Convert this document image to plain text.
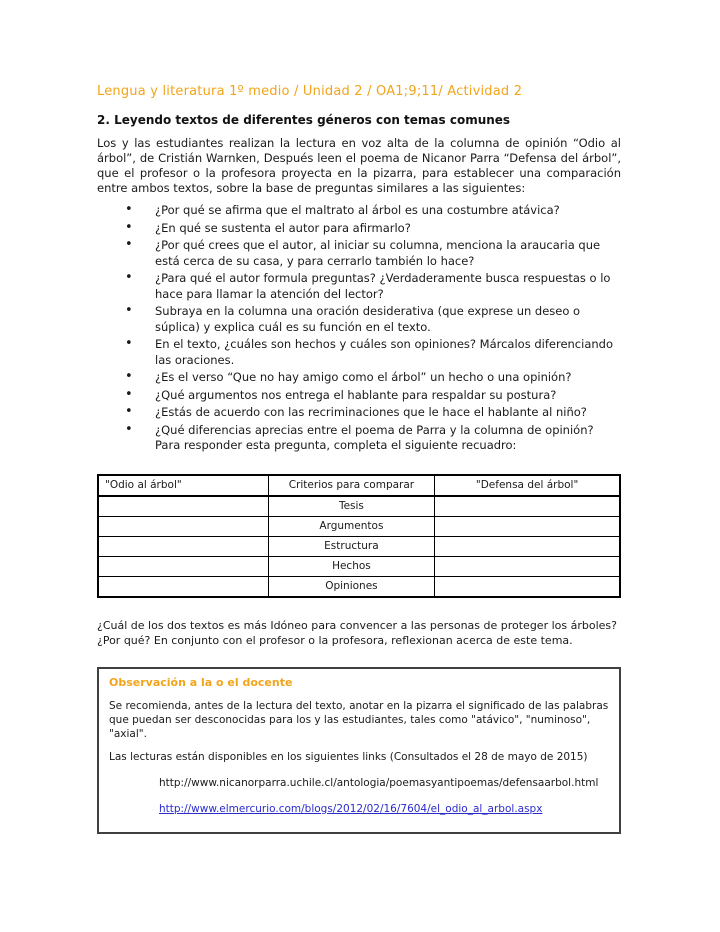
Lengua y literatura 1º medio / Unidad 2 / OA1;9;11/ Actividad 2
2. Leyendo textos de diferentes géneros con temas comunes

Los y las estudiantes realizan la lectura en voz alta de la columna de opinión “Odio al árbol”, de Cristián Warnken, Después leen el poema de Nicanor Parra “Defensa del árbol”, que el profesor o la profesora proyecta en la pizarra, para establecer una comparación entre ambos textos, sobre la base de preguntas similares a las siguientes:

• ¿Por qué se afirma que el maltrato al árbol es una costumbre atávica?
• ¿En qué se sustenta el autor para afirmarlo?
• ¿Por qué crees que el autor, al iniciar su columna, menciona la araucaria que está cerca de su casa, y para cerrarlo también lo hace?
• ¿Para qué el autor formula preguntas? ¿Verdaderamente busca respuestas o lo hace para llamar la atención del lector?
• Subraya en la columna una oración desiderativa (que exprese un deseo o súplica) y explica cuál es su función en el texto.
• En el texto, ¿cuáles son hechos y cuáles son opiniones? Márcalos diferenciando las oraciones.
• ¿Es el verso “Que no hay amigo como el árbol” un hecho o una opinión?
• ¿Qué argumentos nos entrega el hablante para respaldar su postura?
• ¿Estás de acuerdo con las recriminaciones que le hace el hablante al niño?
• ¿Qué diferencias aprecias entre el poema de Parra y la columna de opinión? Para responder esta pregunta, completa el siguiente recuadro:
"Odio al árbol"	Criterios para comparar	"Defensa del árbol"
	Tesis	
	Argumentos	
	Estructura	
	Hechos	
	Opiniones	

¿Cuál de los dos textos es más Idóneo para convencer a las personas de proteger los árboles? ¿Por qué? En conjunto con el profesor o la profesora, reflexionan acerca de este tema.

Observación a la o el docente

Se recomienda, antes de la lectura del texto, anotar en la pizarra el significado de las palabras que puedan ser desconocidas para los y las estudiantes, tales como "atávico", "numinoso", "axial".

Las lecturas están disponibles en los siguientes links (Consultados el 28 de mayo de 2015)

http://www.nicanorparra.uchile.cl/antologia/poemasyantipoemas/defensaarbol.html
http://www.elmercurio.com/blogs/2012/02/16/7604/el_odio_al_arbol.aspx
